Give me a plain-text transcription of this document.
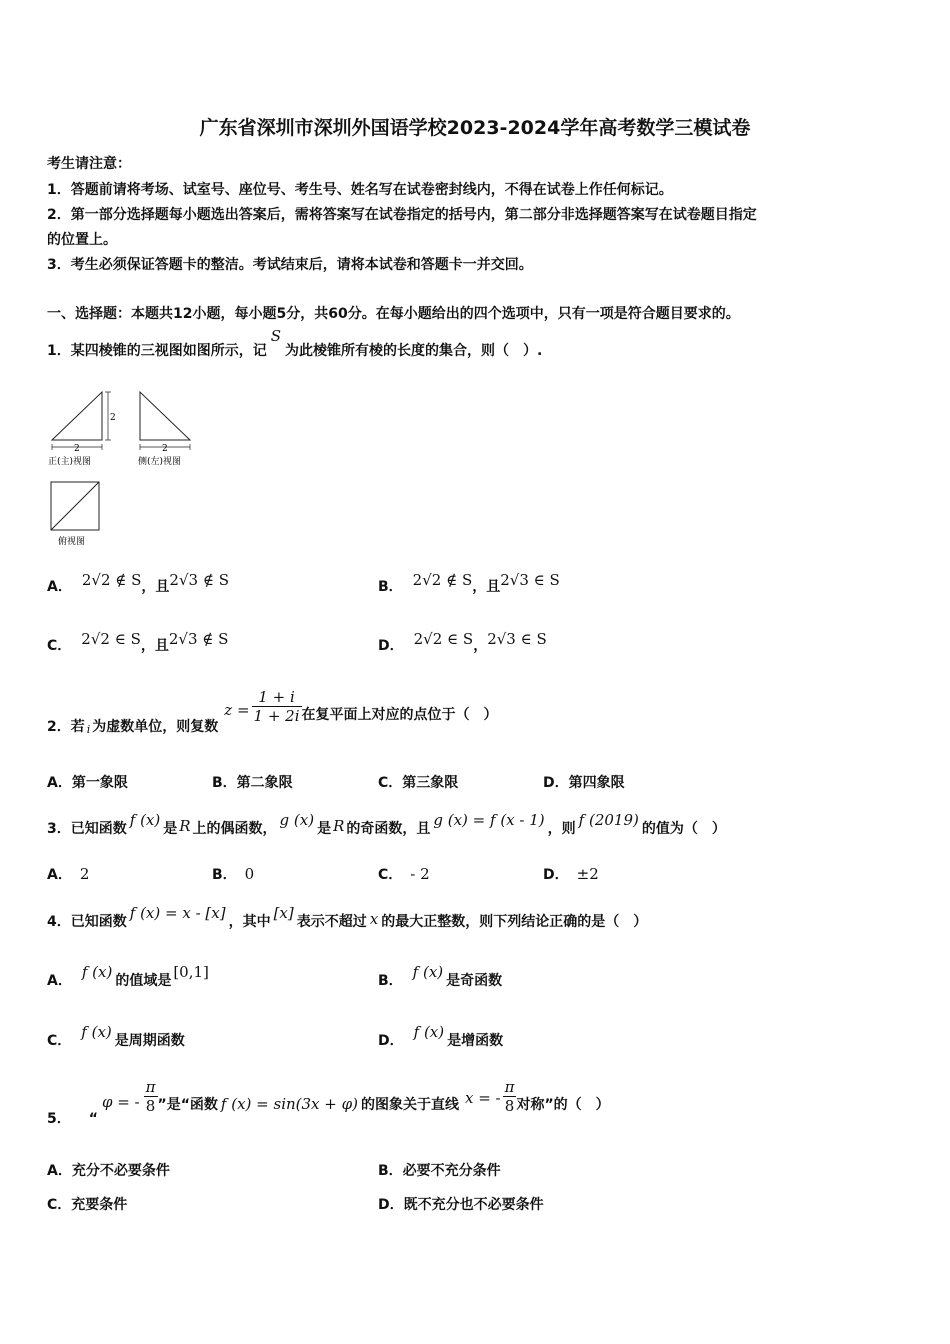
广东省深圳市深圳外国语学校2023-2024学年高考数学三模试卷
考生请注意：
1．答题前请将考场、试室号、座位号、考生号、姓名写在试卷密封线内，不得在试卷上作任何标记。
2．第一部分选择题每小题选出答案后，需将答案写在试卷指定的括号内，第二部分非选择题答案写在试卷题目指定
的位置上。
3．考生必须保证答题卡的整洁。考试结束后，请将本试卷和答题卡一并交回。
一、选择题：本题共12小题，每小题5分，共60分。在每小题给出的四个选项中，只有一项是符合题目要求的。
1．某四棱锥的三视图如图所示，记S为此棱锥所有棱的长度的集合，则（　）.
2
2
正(主)视图
2
侧(左)视图
俯视图
A． 2√2 ∉ S，且2√3 ∉ S	B． 2√2 ∉ S，且2√3 ∈ S
C． 2√2 ∈ S，且2√3 ∉ S	D． 2√2 ∈ S，2√3 ∈ S
2．若 $_i$ 为虚数单位，则复数$z = \frac{1 + i}{1 + 2i}$ 在复平面上对应的点位于（　）
A．第一象限	B．第二象限	C．第三象限	D．第四象限
3．已知函数 f (x) 是 R 上的偶函数， g (x) 是 R 的奇函数，且 g (x) = f (x - 1) ，则 f (2019) 的值为（　）
A． 2	B． 0	C． - 2	D． ±2
4．已知函数 f (x) = x - [x] ，其中 [x] 表示不超过 x 的最大正整数，则下列结论正确的是（　）
A． f (x) 的值域是 [0,1]	B． f (x) 是奇函数
C． f (x) 是周期函数	D． f (x) 是增函数
5． “φ = - $\frac{\pi}{8}$ ”是“函数 f (x) = sin(3x + φ) 的图象关于直线 x = - $\frac{\pi}{8}$ 对称”的（　）
A．充分不必要条件	B．必要不充分条件
C．充要条件	D．既不充分也不必要条件
